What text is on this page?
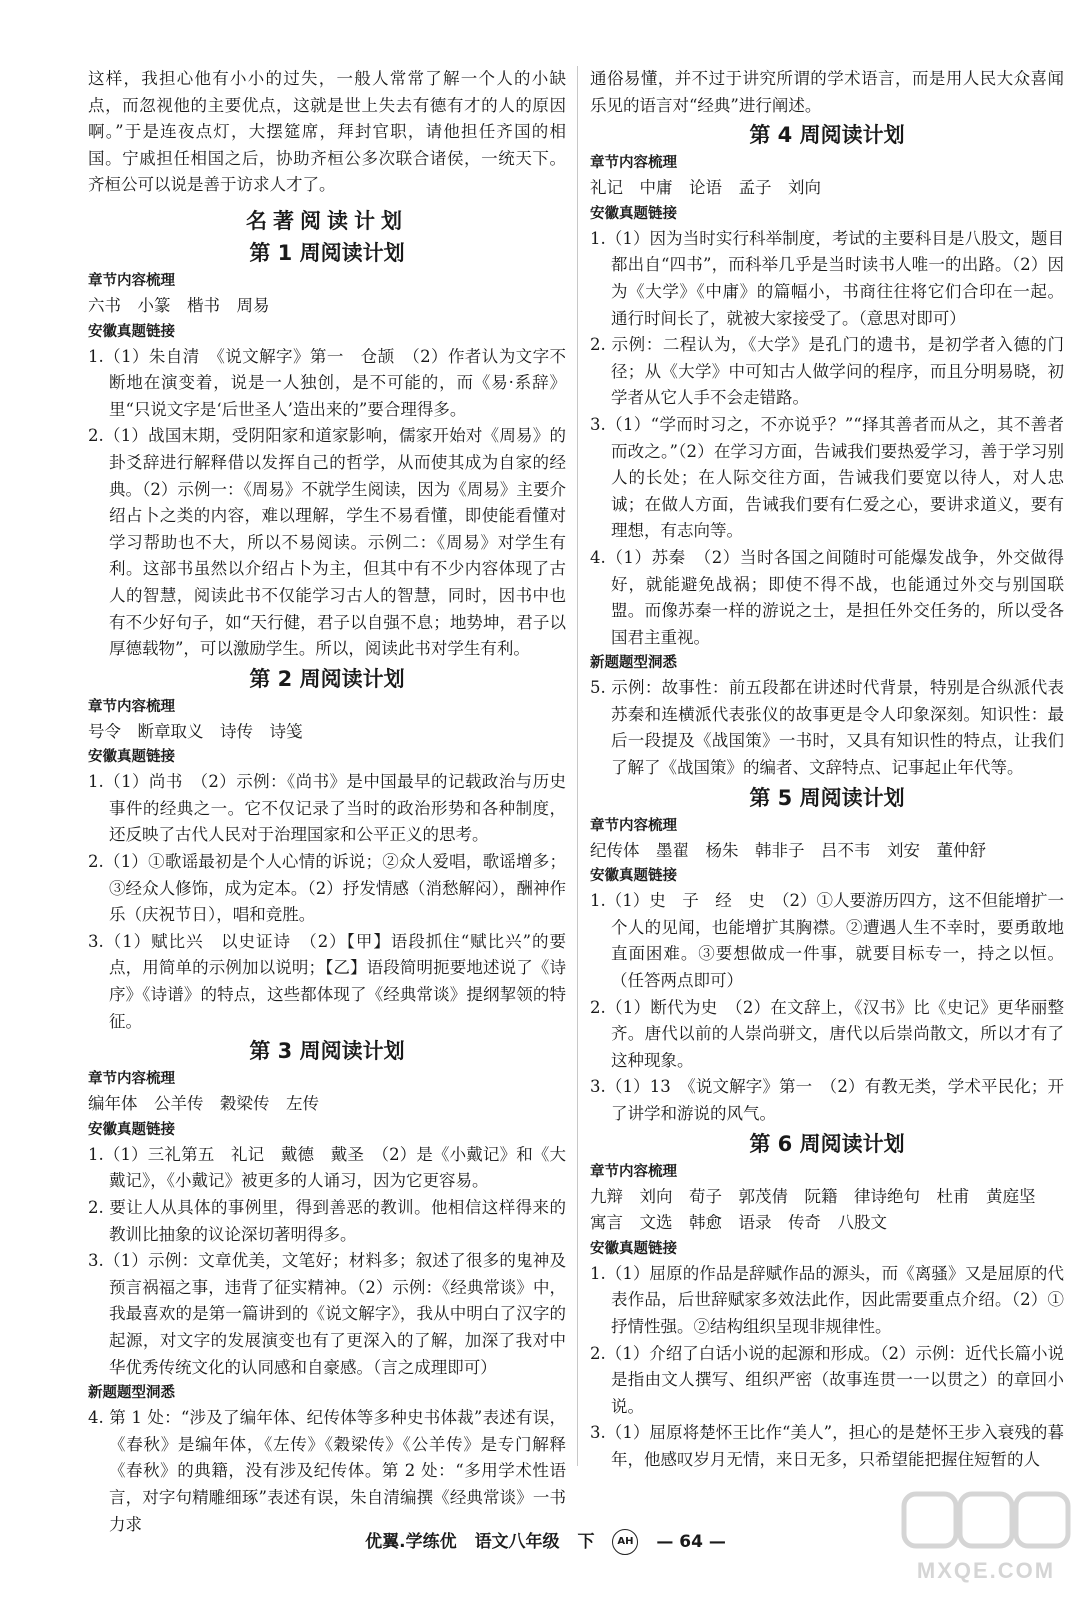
这样，我担心他有小小的过失，一般人常常了解一个人的小缺点，而忽视他的主要优点，这就是世上失去有德有才的人的原因啊。”于是连夜点灯，大摆筵席，拜封官职，请他担任齐国的相国。宁戚担任相国之后，协助齐桓公多次联合诸侯，一统天下。齐桓公可以说是善于访求人才了。

名著阅读计划

第 1 周阅读计划

章节内容梳理

六书　小篆　楷书　周易

安徽真题链接

1.（1）朱自清　《说文解字》第一　仓颉　（2）作者认为文字不断地在演变着，说是一人独创，是不可能的，而《易·系辞》里“只说文字是‘后世圣人’造出来的”要合理得多。

2.（1）战国末期，受阴阳家和道家影响，儒家开始对《周易》的卦爻辞进行解释借以发挥自己的哲学，从而使其成为自家的经典。（2）示例一：《周易》不就学生阅读，因为《周易》主要介绍占卜之类的内容，难以理解，学生不易看懂，即使能看懂对学习帮助也不大，所以不易阅读。示例二：《周易》对学生有利。这部书虽然以介绍占卜为主，但其中有不少内容体现了古人的智慧，阅读此书不仅能学习古人的智慧，同时，因书中也有不少好句子，如“天行健，君子以自强不息；地势坤，君子以厚德载物”，可以激励学生。所以，阅读此书对学生有利。

第 2 周阅读计划

章节内容梳理

号令　断章取义　诗传　诗笺

安徽真题链接

1.（1）尚书　（2）示例：《尚书》是中国最早的记载政治与历史事件的经典之一。它不仅记录了当时的政治形势和各种制度，还反映了古代人民对于治理国家和公平正义的思考。

2.（1）①歌谣最初是个人心情的诉说；②众人爱唱，歌谣增多；③经众人修饰，成为定本。（2）抒发情感（消愁解闷），酬神作乐（庆祝节日），唱和竞胜。

3.（1）赋比兴　以史证诗　（2）【甲】语段抓住“赋比兴”的要点，用简单的示例加以说明；【乙】语段简明扼要地述说了《诗序》《诗谱》的特点，这些都体现了《经典常谈》提纲挈领的特征。

第 3 周阅读计划

章节内容梳理

编年体　公羊传　穀梁传　左传

安徽真题链接

1.（1）三礼第五　礼记　戴德　戴圣　（2）是《小戴记》和《大戴记》，《小戴记》被更多的人诵习，因为它更容易。

2. 要让人从具体的事例里，得到善恶的教训。他相信这样得来的教训比抽象的议论深切著明得多。

3.（1）示例：文章优美，文笔好；材料多；叙述了很多的鬼神及预言祸福之事，违背了征实精神。（2）示例：《经典常谈》中，我最喜欢的是第一篇讲到的《说文解字》，我从中明白了汉字的起源，对文字的发展演变也有了更深入的了解，加深了我对中华优秀传统文化的认同感和自豪感。（言之成理即可）

新题题型洞悉

4. 第 1 处：“涉及了编年体、纪传体等多种史书体裁”表述有误，《春秋》是编年体，《左传》《穀梁传》《公羊传》是专门解释《春秋》的典籍，没有涉及纪传体。第 2 处：“多用学术性语言，对字句精雕细琢”表述有误，朱自清编撰《经典常谈》一书力求

通俗易懂，并不过于讲究所谓的学术语言，而是用人民大众喜闻乐见的语言对“经典”进行阐述。

第 4 周阅读计划

章节内容梳理

礼记　中庸　论语　孟子　刘向

安徽真题链接

1.（1）因为当时实行科举制度，考试的主要科目是八股文，题目都出自“四书”，而科举几乎是当时读书人唯一的出路。（2）因为《大学》《中庸》的篇幅小，书商往往将它们合印在一起。通行时间长了，就被大家接受了。（意思对即可）

2. 示例：二程认为，《大学》是孔门的遗书，是初学者入德的门径；从《大学》中可知古人做学问的程序，而且分明易晓，初学者从它人手不会走错路。

3.（1）“学而时习之，不亦说乎？”“择其善者而从之，其不善者而改之。”（2）在学习方面，告诫我们要热爱学习，善于学习别人的长处；在人际交往方面，告诫我们要宽以待人，对人忠诚；在做人方面，告诫我们要有仁爱之心，要讲求道义，要有理想，有志向等。

4.（1）苏秦　（2）当时各国之间随时可能爆发战争，外交做得好，就能避免战祸；即使不得不战，也能通过外交与别国联盟。而像苏秦一样的游说之士，是担任外交任务的，所以受各国君主重视。

新题题型洞悉

5. 示例：故事性：前五段都在讲述时代背景，特别是合纵派代表苏秦和连横派代表张仪的故事更是令人印象深刻。知识性：最后一段提及《战国策》一书时，又具有知识性的特点，让我们了解了《战国策》的编者、文辞特点、记事起止年代等。

第 5 周阅读计划

章节内容梳理

纪传体　墨翟　杨朱　韩非子　吕不韦　刘安　董仲舒

安徽真题链接

1.（1）史　子　经　史　（2）①人要游历四方，这不但能增扩一个人的见闻，也能增扩其胸襟。②遭遇人生不幸时，要勇敢地直面困难。③要想做成一件事，就要目标专一，持之以恒。（任答两点即可）

2.（1）断代为史　（2）在文辞上，《汉书》比《史记》更华丽整齐。唐代以前的人崇尚骈文，唐代以后崇尚散文，所以才有了这种现象。

3.（1）13　《说文解字》第一　（2）有教无类，学术平民化；开了讲学和游说的风气。

第 6 周阅读计划

章节内容梳理

九辩　刘向　荀子　郭茂倩　阮籍　律诗绝句　杜甫　黄庭坚　寓言　文选　韩愈　语录　传奇　八股文

安徽真题链接

1.（1）屈原的作品是辞赋作品的源头，而《离骚》又是屈原的代表作品，后世辞赋家多效法此作，因此需要重点介绍。（2）①抒情性强。②结构组织呈现非规律性。

2.（1）介绍了白话小说的起源和形成。（2）示例：近代长篇小说是指由文人撰写、组织严密（故事连贯一一以贯之）的章回小说。

3.（1）屈原将楚怀王比作“美人”，担心的是楚怀王步入衰残的暮年，他感叹岁月无情，来日无多，只希望能把握住短暂的人

优翼.学练优 语文八年级 下 AH — 64 —
MXQE.COM
